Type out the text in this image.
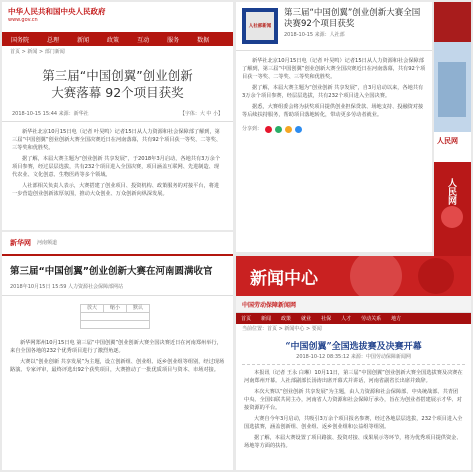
中华人民共和国中央人民政府
www.gov.cn
国务院	总理	新闻	政策	互动	服务	数据
首页 > 新闻 > 部门新闻
第三届“中国创翼”创业创新
大赛落幕 92个项目获奖
2018-10-15 15:44 来源：新华社	【字体：大 中 小】

新华社北京10月15日电（记者 叶昊鸣）记者15日从人力资源和社会保障部了解到，第三届“中国创翼”创业创新大赛全国决赛近日在河南落幕，共有92个项目获一等奖、二等奖、三等奖和优胜奖。

据了解，本届大赛主题为“创业创新 共享发展”，于2018年3月启动，各地共有3万余个项目参赛，经过层层选拔，共有232个项目进入全国决赛，项目涵盖互联网、先进制造、现代农业、文化创意、生物医药等多个领域。

人社部相关负责人表示，大赛搭建了创业项目、投资机构、政策服务的对接平台，将进一步营造创业创新浓厚氛围，推动大众创业、万众创新向纵深发展。

新华网 河南频道
第三届“中国创翼”创业创新大赛在河南圆满收官
2018年10月15日 15:59 人力资源社会保障部网站
放大	缩小	默认

新华网郑州10月15日电 第三届“中国创翼”创业创新大赛全国决赛近日在河南郑州举行，来自全国各地的232个优秀项目进行了激烈角逐。

大赛以“创业创新 共享发展”为主题，设立创新组、创业组、返乡创业组等组别，经过现场路演、专家评审，最终评选出92个获奖项目，大赛推动了一批优质项目与资本、市场对接。

人社部新闻
第三届“中国创翼”创业创新大赛全国决赛92个项目获奖
2018-10-15 来源：人社部

新华社北京10月15日电（记者 叶昊鸣）记者15日从人力资源和社会保障部了解到，第三届“中国创翼”创业创新大赛全国决赛近日在河南落幕，共有92个项目获一等奖、二等奖、三等奖和优胜奖。

据了解，本届大赛主题为“创业创新 共享发展”，自3月启动以来，各地共有3万余个项目参赛，经层层选拔，共有232个项目进入全国决赛。

据悉，大赛组委会将为获奖项目提供创业担保贷款、场地支持、投融资对接等后续扶持服务，帮助项目落地转化，带动更多劳动者就业。

分享到：
人民网
人民网
新闻中心
中国劳动保障新闻网
首页	新闻	政策	就业	社保	人才	劳动关系	地方
当前位置：首页 > 新闻中心 > 要闻
“中国创翼”全国选拔赛及决赛开幕
2018-10-12 08:35:12 来源：中国劳动保障新闻网

本报讯（记者 王永 白琳）10月11日，第三届“中国创翼”创业创新大赛全国选拔赛及决赛在河南郑州开幕。人社部副部长汤涛出席开幕式并讲话，河南省副省长出席并致辞。

本次大赛以“创业创新 共享发展”为主题，由人力资源和社会保障部、中央统战部、共青团中央、全国妇联共同主办，河南省人力资源和社会保障厅承办，旨在为创业者搭建展示才华、对接资源的平台。

大赛自今年3月启动，共吸引3万余个项目报名参赛，经过各地层层选拔，232个项目进入全国选拔赛，涵盖创新组、创业组、返乡创业组和公益组等组别。

据了解，本届大赛设置了项目路演、投资对接、成果展示等环节，将为优秀项目提供资金、场地等方面的扶持。
